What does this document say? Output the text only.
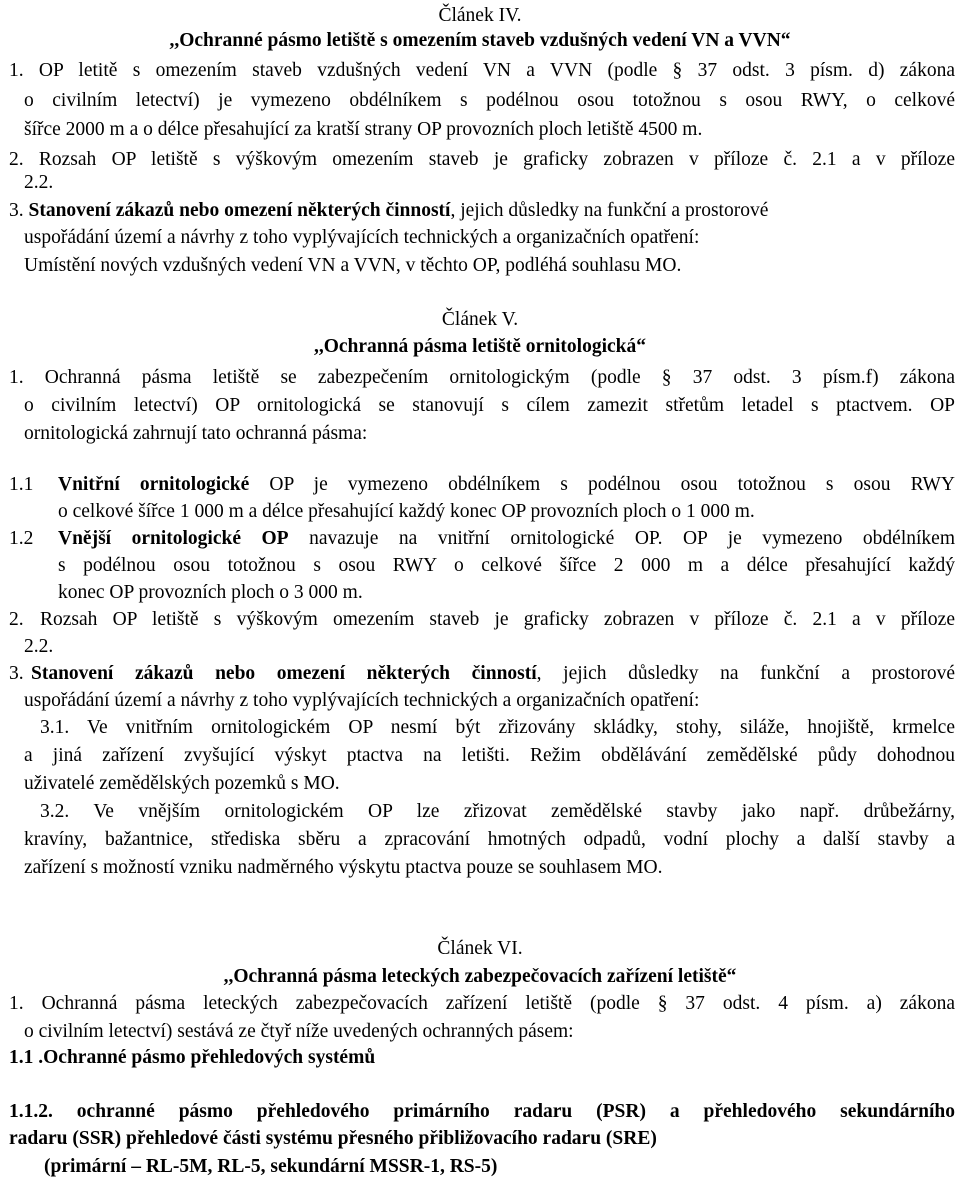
Článek IV.
,,Ochranné pásmo letiště s omezením staveb vzdušných vedení VN a VVN“
1. OP letitě s omezením staveb vzdušných vedení VN a VVN (podle § 37 odst. 3 písm. d) zákona
o civilním letectví) je vymezeno obdélníkem s podélnou osou totožnou s osou RWY, o celkové
šířce 2000 m a o délce přesahující za kratší strany OP provozních ploch letiště 4500 m.
2. Rozsah OP letiště s výškovým omezením staveb je graficky zobrazen v příloze č. 2.1 a v příloze
2.2.
3. Stanovení zákazů nebo omezení některých činností, jejich důsledky na funkční a prostorové
uspořádání území a návrhy z toho vyplývajících technických a organizačních opatření:
Umístění nových vzdušných vedení VN a VVN, v těchto OP, podléhá souhlasu MO.
Článek V.
,,Ochranná pásma letiště ornitologická“
1. Ochranná pásma letiště se zabezpečením ornitologickým (podle § 37 odst. 3 písm.f) zákona
o civilním letectví) OP ornitologická se stanovují s cílem zamezit střetům letadel s ptactvem. OP
ornitologická zahrnují tato ochranná pásma:
1.1 Vnitřní ornitologické OP je vymezeno obdélníkem s podélnou osou totožnou s osou RWY
o celkové šířce 1 000 m a délce přesahující každý konec OP provozních ploch o 1 000 m.
1.2 Vnější ornitologické OP navazuje na vnitřní ornitologické OP. OP je vymezeno obdélníkem
s podélnou osou totožnou s osou RWY o celkové šířce 2 000 m a délce přesahující každý
konec OP provozních ploch o 3 000 m.
2. Rozsah OP letiště s výškovým omezením staveb je graficky zobrazen v příloze č. 2.1 a v příloze
2.2.
3. Stanovení zákazů nebo omezení některých činností, jejich důsledky na funkční a prostorové
uspořádání území a návrhy z toho vyplývajících technických a organizačních opatření:
3.1. Ve vnitřním ornitologickém OP nesmí být zřizovány skládky, stohy, siláže, hnojiště, krmelce
a jiná zařízení zvyšující výskyt ptactva na letišti. Režim obdělávání zemědělské půdy dohodnou
uživatelé zemědělských pozemků s MO.
3.2. Ve vnějším ornitologickém OP lze zřizovat zemědělské stavby jako např. drůbežárny,
kravíny, bažantnice, střediska sběru a zpracování hmotných odpadů, vodní plochy a další stavby a
zařízení s možností vzniku nadměrného výskytu ptactva pouze se souhlasem MO.
Článek VI.
,,Ochranná pásma leteckých zabezpečovacích zařízení letiště“
1. Ochranná pásma leteckých zabezpečovacích zařízení letiště (podle § 37 odst. 4 písm. a) zákona
o civilním letectví) sestává ze čtyř níže uvedených ochranných pásem:
1.1 .Ochranné pásmo přehledových systémů
1.1.2. ochranné pásmo přehledového primárního radaru (PSR) a přehledového sekundárního
radaru (SSR) přehledové části systému přesného přibližovacího radaru (SRE)
(primární – RL-5M, RL-5, sekundární MSSR-1, RS-5)
